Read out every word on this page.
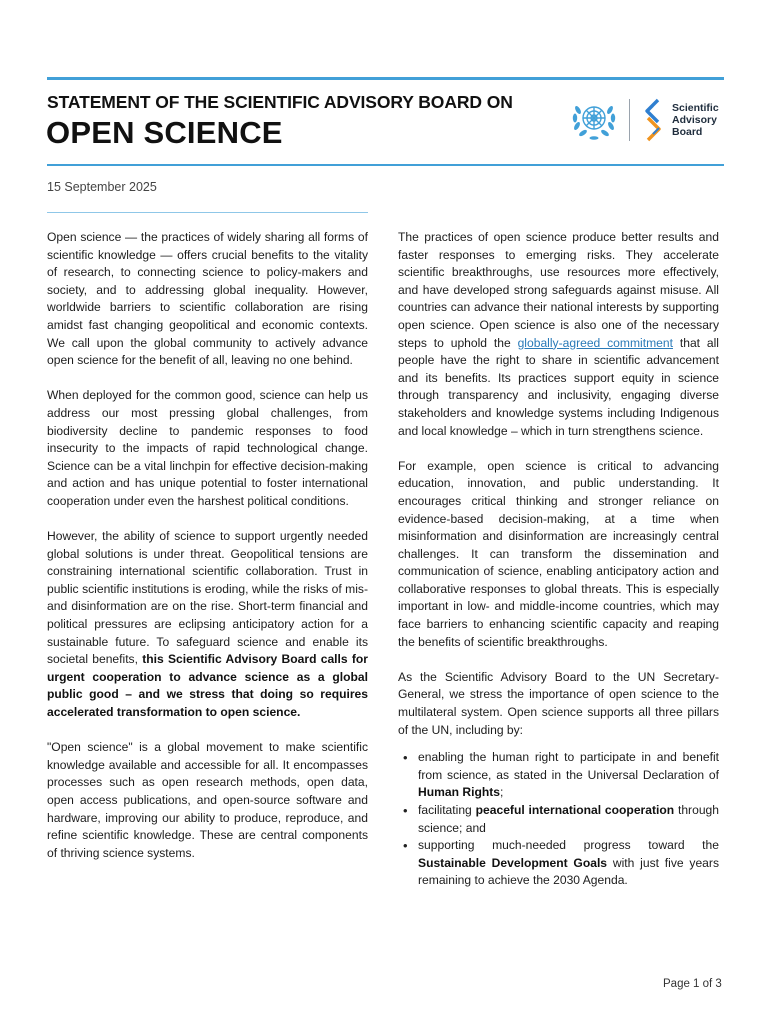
STATEMENT OF THE SCIENTIFIC ADVISORY BOARD ON
OPEN SCIENCE
Scientific
Advisory
Board
15 September 2025

Open science — the practices of widely sharing all forms of scientific knowledge — offers crucial benefits to the vitality of research, to connecting science to policy-makers and society, and to addressing global inequality. However, worldwide barriers to scientific collaboration are rising amidst fast changing geopolitical and economic contexts. We call upon the global community to actively advance open science for the benefit of all, leaving no one behind.

When deployed for the common good, science can help us address our most pressing global challenges, from biodiversity decline to pandemic responses to food insecurity to the impacts of rapid technological change. Science can be a vital linchpin for effective decision-making and action and has unique potential to foster international cooperation under even the harshest political conditions.

However, the ability of science to support urgently needed global solutions is under threat. Geopolitical tensions are constraining international scientific collaboration. Trust in public scientific institutions is eroding, while the risks of mis- and disinformation are on the rise. Short-term financial and political pressures are eclipsing anticipatory action for a sustainable future. To safeguard science and enable its societal benefits, this Scientific Advisory Board calls for urgent cooperation to advance science as a global public good – and we stress that doing so requires accelerated transformation to open science.

"Open science" is a global movement to make scientific knowledge available and accessible for all. It encompasses processes such as open research methods, open data, open access publications, and open-source software and hardware, improving our ability to produce, reproduce, and refine scientific knowledge. These are central components of thriving science systems.

The practices of open science produce better results and faster responses to emerging risks. They accelerate scientific breakthroughs, use resources more effectively, and have developed strong safeguards against misuse. All countries can advance their national interests by supporting open science. Open science is also one of the necessary steps to uphold the globally-agreed commitment that all people have the right to share in scientific advancement and its benefits. Its practices support equity in science through transparency and inclusivity, engaging diverse stakeholders and knowledge systems including Indigenous and local knowledge – which in turn strengthens science.

For example, open science is critical to advancing education, innovation, and public understanding. It encourages critical thinking and stronger reliance on evidence-based decision-making, at a time when misinformation and disinformation are increasingly central challenges. It can transform the dissemination and communication of science, enabling anticipatory action and collaborative responses to global threats. This is especially important in low- and middle-income countries, which may face barriers to enhancing scientific capacity and reaping the benefits of scientific breakthroughs.

As the Scientific Advisory Board to the UN Secretary-General, we stress the importance of open science to the multilateral system. Open science supports all three pillars of the UN, including by:

• enabling the human right to participate in and benefit from science, as stated in the Universal Declaration of Human Rights;
• facilitating peaceful international cooperation through science; and
• supporting much-needed progress toward the Sustainable Development Goals with just five years remaining to achieve the 2030 Agenda.
Page 1 of 3
